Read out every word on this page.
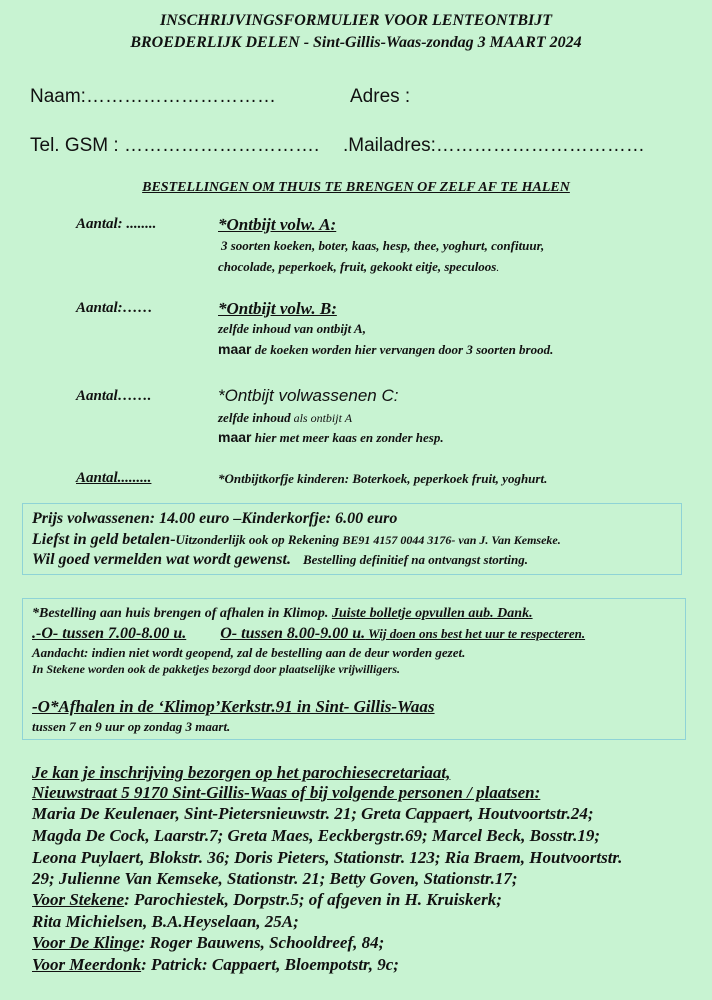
INSCHRIJVINGSFORMULIER VOOR LENTEONTBIJT
BROEDERLIJK DELEN - Sint-Gillis-Waas-zondag 3 MAART 2024
Naam:…………………………	Adres :
Tel. GSM : …………………………. .Mailadres:……………………………
BESTELLINGEN OM THUIS TE BRENGEN OF ZELF AF TE HALEN
Aantal: ........	*Ontbijt volw. A:
3 soorten koeken, boter, kaas, hesp, thee, yoghurt, confituur,
chocolade, peperkoek, fruit, gekookt eitje, speculoos.
Aantal:……	*Ontbijt volw. B:
zelfde inhoud van ontbijt A,
maar de koeken worden hier vervangen door 3 soorten brood.
Aantal…….	*Ontbijt volwassenen C:
zelfde inhoud als ontbijt A
maar hier met meer kaas en zonder hesp.
Aantal.........	*Ontbijtkorfje kinderen: Boterkoek, peperkoek fruit, yoghurt.
Prijs volwassenen: 14.00 euro –Kinderkorfje: 6.00 euro
Liefst in geld betalen-Uitzonderlijk ook op Rekening BE91 4157 0044 3176- van J. Van Kemseke.
Wil goed vermelden wat wordt gewenst. Bestelling definitief na ontvangst storting.
*Bestelling aan huis brengen of afhalen in Klimop. Juiste bolletje opvullen aub. Dank.
.-O- tussen 7.00-8.00 u. O- tussen 8.00-9.00 u. Wij doen ons best het uur te respecteren.
Aandacht: indien niet wordt geopend, zal de bestelling aan de deur worden gezet.
In Stekene worden ook de pakketjes bezorgd door plaatselijke vrijwilligers.
-O*Afhalen in de ‘Klimop’Kerkstr.91 in Sint- Gillis-Waas
tussen 7 en 9 uur op zondag 3 maart.
Je kan je inschrijving bezorgen op het parochiesecretariaat,
Nieuwstraat 5 9170 Sint-Gillis-Waas of bij volgende personen / plaatsen:
Maria De Keulenaer, Sint-Pietersnieuwstr. 21; Greta Cappaert, Houtvoortstr.24;
Magda De Cock, Laarstr.7; Greta Maes, Eeckbergstr.69; Marcel Beck, Bosstr.19;
Leona Puylaert, Blokstr. 36; Doris Pieters, Stationstr. 123; Ria Braem, Houtvoortstr.
29; Julienne Van Kemseke, Stationstr. 21; Betty Goven, Stationstr.17;
Voor Stekene: Parochiestek, Dorpstr.5; of afgeven in H. Kruiskerk;
Rita Michielsen, B.A.Heyselaan, 25A;
Voor De Klinge: Roger Bauwens, Schooldreef, 84;
Voor Meerdonk: Patrick: Cappaert, Bloempotstr, 9c;
